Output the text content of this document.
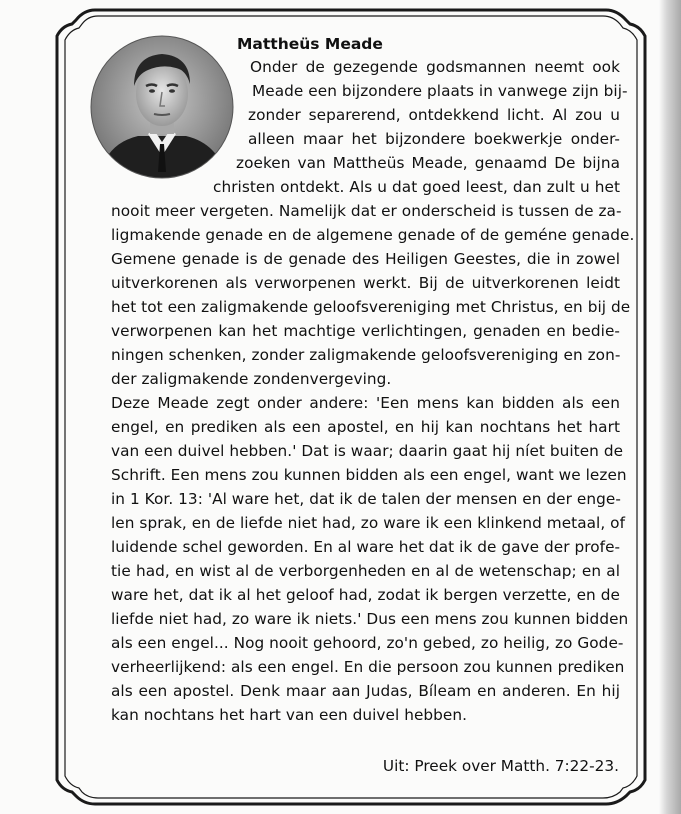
Mattheüs Meade
Onder de gezegende godsmannen neemt ook
Meade een bijzondere plaats in vanwege zijn bij-
zonder separerend, ontdekkend licht. Al zou u
alleen maar het bijzondere boekwerkje onder-
zoeken van Mattheüs Meade, genaamd De bijna
christen ontdekt. Als u dat goed leest, dan zult u het
nooit meer vergeten. Namelijk dat er onderscheid is tussen de za-
ligmakende genade en de algemene genade of de geméne genade.
Gemene genade is de genade des Heiligen Geestes, die in zowel
uitverkorenen als verworpenen werkt. Bij de uitverkorenen leidt
het tot een zaligmakende geloofsvereniging met Christus, en bij de
verworpenen kan het machtige verlichtingen, genaden en bedie-
ningen schenken, zonder zaligmakende geloofsvereniging en zon-
der zaligmakende zondenvergeving.
Deze Meade zegt onder andere: 'Een mens kan bidden als een
engel, en prediken als een apostel, en hij kan nochtans het hart
van een duivel hebben.' Dat is waar; daarin gaat hij níet buiten de
Schrift. Een mens zou kunnen bidden als een engel, want we lezen
in 1 Kor. 13: 'Al ware het, dat ik de talen der mensen en der enge-
len sprak, en de liefde niet had, zo ware ik een klinkend metaal, of
luidende schel geworden. En al ware het dat ik de gave der profe-
tie had, en wist al de verborgenheden en al de wetenschap; en al
ware het, dat ik al het geloof had, zodat ik bergen verzette, en de
liefde niet had, zo ware ik niets.' Dus een mens zou kunnen bidden
als een engel... Nog nooit gehoord, zo'n gebed, zo heilig, zo Gode-
verheerlijkend: als een engel. En die persoon zou kunnen prediken
als een apostel. Denk maar aan Judas, Bíleam en anderen. En hij
kan nochtans het hart van een duivel hebben.
Uit: Preek over Matth. 7:22-23.
